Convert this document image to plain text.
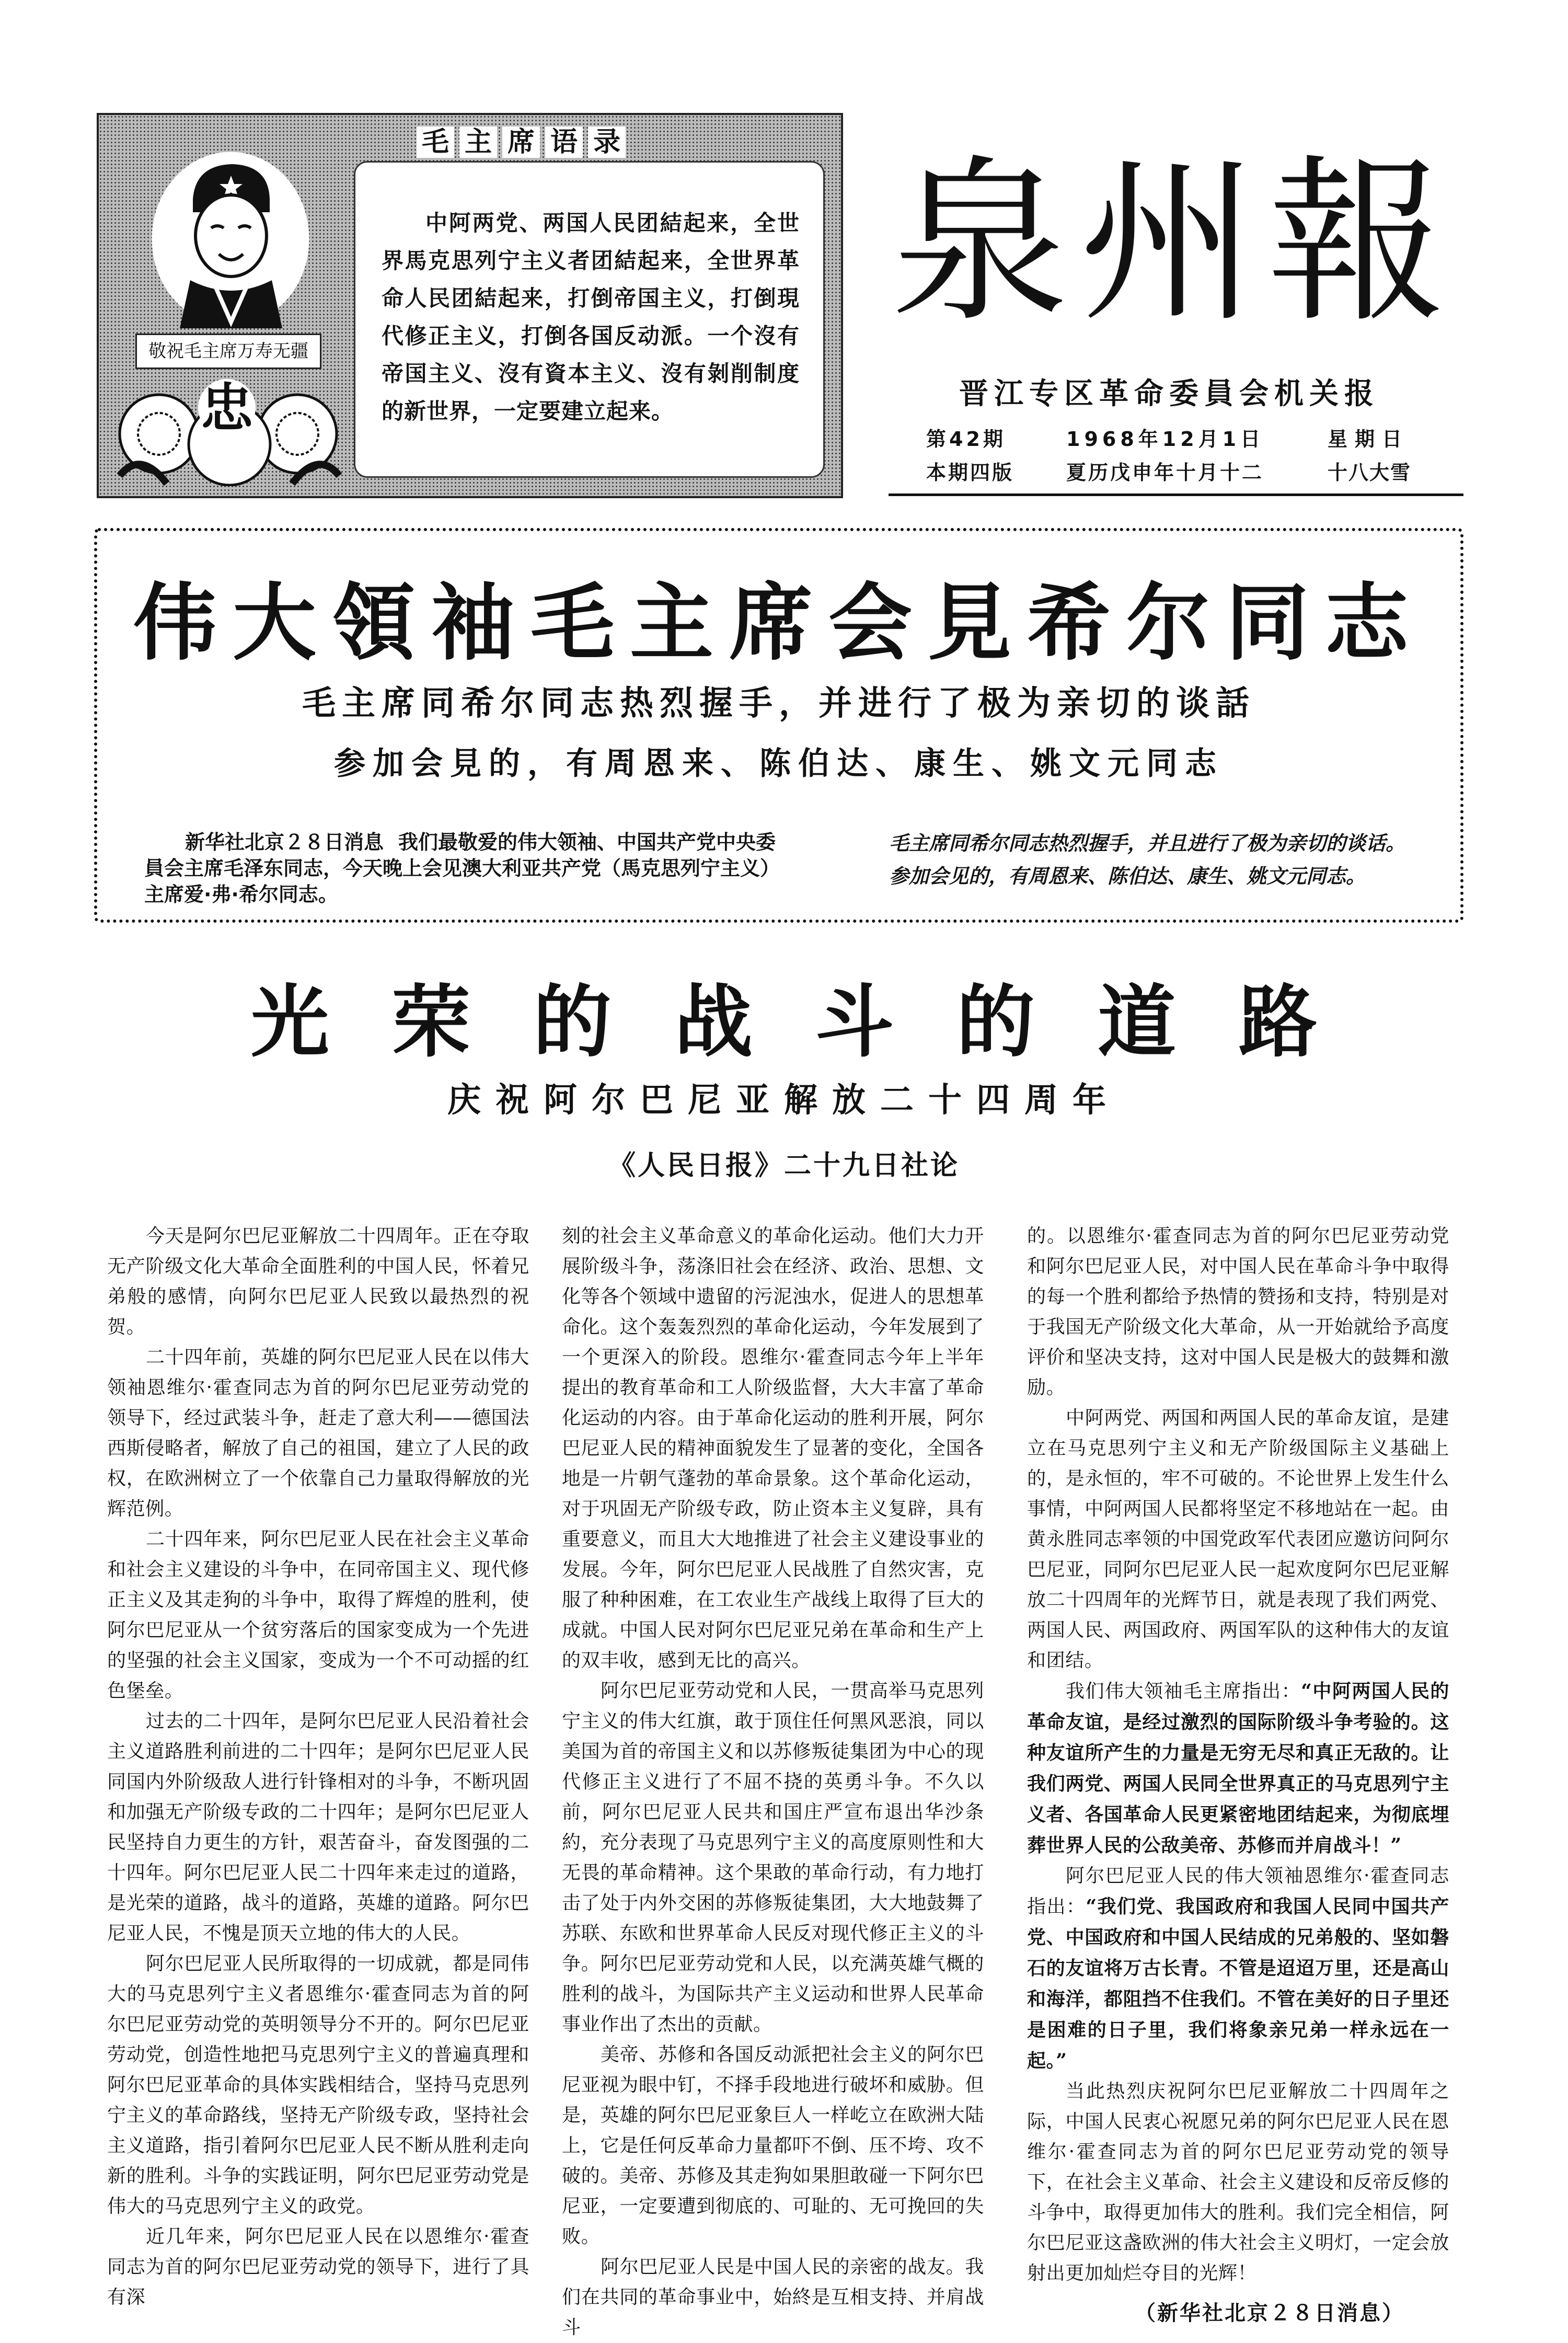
毛 主 席 语 录
敬祝毛主席万寿无疆
忠
中阿两党、两国人民团結起来，全世界馬克思列宁主义者团結起来，全世界革命人民团結起来，打倒帝国主义，打倒現代修正主义，打倒各国反动派。一个沒有帝国主义、沒有資本主义、沒有剝削制度的新世界，一定要建立起来。
泉州報
晋江专区革命委員会机关报
第42期	1968年12月1日	星期日
本期四版	夏历戊申年十月十二	十八大雪
伟大領袖毛主席会見希尔同志
毛主席同希尔同志热烈握手，并进行了极为亲切的谈話
参加会見的，有周恩来、陈伯达、康生、姚文元同志
新华社北京２８日消息 我们最敬爱的伟大领袖、中国共产党中央委員会主席毛泽东同志，今天晚上会见澳大利亚共产党（馬克思列宁主义）主席爱·弗·希尔同志。

毛主席同希尔同志热烈握手，并且进行了极为亲切的谈话。

参加会见的，有周恩来、陈伯达、康生、姚文元同志。

光荣的战斗的道路
庆祝阿尔巴尼亚解放二十四周年
《人民日报》二十九日社论

今天是阿尔巴尼亚解放二十四周年。正在夺取无产阶级文化大革命全面胜利的中国人民，怀着兄弟般的感情，向阿尔巴尼亚人民致以最热烈的祝贺。

二十四年前，英雄的阿尔巴尼亚人民在以伟大领袖恩维尔·霍查同志为首的阿尔巴尼亚劳动党的领导下，经过武装斗争，赶走了意大利——德国法西斯侵略者，解放了自己的祖国，建立了人民的政权，在欧洲树立了一个依靠自己力量取得解放的光辉范例。

二十四年来，阿尔巴尼亚人民在社会主义革命和社会主义建设的斗争中，在同帝国主义、现代修正主义及其走狗的斗争中，取得了辉煌的胜利，使阿尔巴尼亚从一个贫穷落后的国家变成为一个先进的坚强的社会主义国家，变成为一个不可动摇的红色堡垒。

过去的二十四年，是阿尔巴尼亚人民沿着社会主义道路胜利前进的二十四年；是阿尔巴尼亚人民同国内外阶级敌人进行针锋相对的斗争，不断巩固和加强无产阶级专政的二十四年；是阿尔巴尼亚人民坚持自力更生的方针，艰苦奋斗，奋发图强的二十四年。阿尔巴尼亚人民二十四年来走过的道路，是光荣的道路，战斗的道路，英雄的道路。阿尔巴尼亚人民，不愧是顶天立地的伟大的人民。

阿尔巴尼亚人民所取得的一切成就，都是同伟大的马克思列宁主义者恩维尔·霍查同志为首的阿尔巴尼亚劳动党的英明领导分不开的。阿尔巴尼亚劳动党，创造性地把马克思列宁主义的普遍真理和阿尔巴尼亚革命的具体实践相结合，坚持马克思列宁主义的革命路线，坚持无产阶级专政，坚持社会主义道路，指引着阿尔巴尼亚人民不断从胜利走向新的胜利。斗争的实践证明，阿尔巴尼亚劳动党是伟大的马克思列宁主义的政党。

近几年来，阿尔巴尼亚人民在以恩维尔·霍查同志为首的阿尔巴尼亚劳动党的领导下，进行了具有深

刻的社会主义革命意义的革命化运动。他们大力开展阶级斗争，荡涤旧社会在经济、政治、思想、文化等各个领域中遗留的污泥浊水，促进人的思想革命化。这个轰轰烈烈的革命化运动，今年发展到了一个更深入的阶段。恩维尔·霍查同志今年上半年提出的教育革命和工人阶级监督，大大丰富了革命化运动的内容。由于革命化运动的胜利开展，阿尔巴尼亚人民的精神面貌发生了显著的变化，全国各地是一片朝气蓬勃的革命景象。这个革命化运动，对于巩固无产阶级专政，防止资本主义复辟，具有重要意义，而且大大地推进了社会主义建设事业的发展。今年，阿尔巴尼亚人民战胜了自然灾害，克服了种种困难，在工农业生产战线上取得了巨大的成就。中国人民对阿尔巴尼亚兄弟在革命和生产上的双丰收，感到无比的高兴。

阿尔巴尼亚劳动党和人民，一贯高举马克思列宁主义的伟大红旗，敢于顶住任何黑风恶浪，同以美国为首的帝国主义和以苏修叛徒集团为中心的现代修正主义进行了不屈不挠的英勇斗争。不久以前，阿尔巴尼亚人民共和国庄严宣布退出华沙条約，充分表现了马克思列宁主义的高度原则性和大无畏的革命精神。这个果敢的革命行动，有力地打击了处于内外交困的苏修叛徒集团，大大地鼓舞了苏联、东欧和世界革命人民反对现代修正主义的斗争。阿尔巴尼亚劳动党和人民，以充满英雄气概的胜利的战斗，为国际共产主义运动和世界人民革命事业作出了杰出的贡献。

美帝、苏修和各国反动派把社会主义的阿尔巴尼亚视为眼中钉，不择手段地进行破坏和威胁。但是，英雄的阿尔巴尼亚象巨人一样屹立在欧洲大陆上，它是任何反革命力量都吓不倒、压不垮、攻不破的。美帝、苏修及其走狗如果胆敢碰一下阿尔巴尼亚，一定要遭到彻底的、可耻的、无可挽回的失败。

阿尔巴尼亚人民是中国人民的亲密的战友。我们在共同的革命事业中，始終是互相支持、并肩战斗

的。以恩维尔·霍查同志为首的阿尔巴尼亚劳动党和阿尔巴尼亚人民，对中国人民在革命斗争中取得的每一个胜利都给予热情的赞扬和支持，特别是对于我国无产阶级文化大革命，从一开始就给予高度评价和坚决支持，这对中国人民是极大的鼓舞和激励。

中阿两党、两国和两国人民的革命友谊，是建立在马克思列宁主义和无产阶级国际主义基础上的，是永恒的，牢不可破的。不论世界上发生什么事情，中阿两国人民都将坚定不移地站在一起。由黄永胜同志率领的中国党政军代表团应邀访问阿尔巴尼亚，同阿尔巴尼亚人民一起欢度阿尔巴尼亚解放二十四周年的光辉节日，就是表现了我们两党、两国人民、两国政府、两国军队的这种伟大的友谊和团结。

我们伟大领袖毛主席指出：“中阿两国人民的革命友谊，是经过激烈的国际阶级斗争考验的。这种友谊所产生的力量是无穷无尽和真正无敌的。让我们两党、两国人民同全世界真正的马克思列宁主义者、各国革命人民更紧密地团结起来，为彻底埋葬世界人民的公敌美帝、苏修而并肩战斗！”

阿尔巴尼亚人民的伟大领袖恩维尔·霍查同志指出：“我们党、我国政府和我国人民同中国共产党、中国政府和中国人民结成的兄弟般的、坚如磐石的友谊将万古长青。不管是迢迢万里，还是高山和海洋，都阻挡不住我们。不管在美好的日子里还是困难的日子里，我们将象亲兄弟一样永远在一起。”

当此热烈庆祝阿尔巴尼亚解放二十四周年之际，中国人民衷心祝愿兄弟的阿尔巴尼亚人民在恩维尔·霍查同志为首的阿尔巴尼亚劳动党的领导下，在社会主义革命、社会主义建设和反帝反修的斗争中，取得更加伟大的胜利。我们完全相信，阿尔巴尼亚这盏欧洲的伟大社会主义明灯，一定会放射出更加灿烂夺目的光辉！

（新华社北京２８日消息）
